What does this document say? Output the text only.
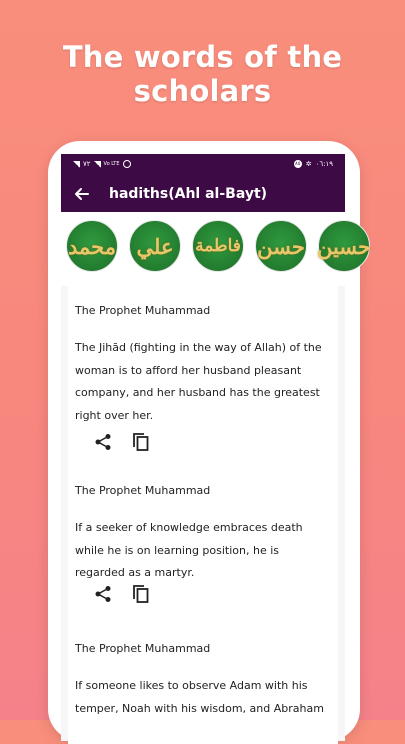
The words of the scholars
٧٢	Vo LTE	٨٥ ✲ ٠٦:١٩
hadiths(Ahl al-Bayt)
محمد علي فاطمة حسن حسين
The Prophet Muhammad
The Jihād (fighting in the way of Allah) of the woman is to afford her husband pleasant company, and her husband has the greatest right over her.
The Prophet Muhammad
If a seeker of knowledge embraces death while he is on learning position, he is regarded as a martyr.
The Prophet Muhammad
If someone likes to observe Adam with his temper, Noah with his wisdom, and Abraham
